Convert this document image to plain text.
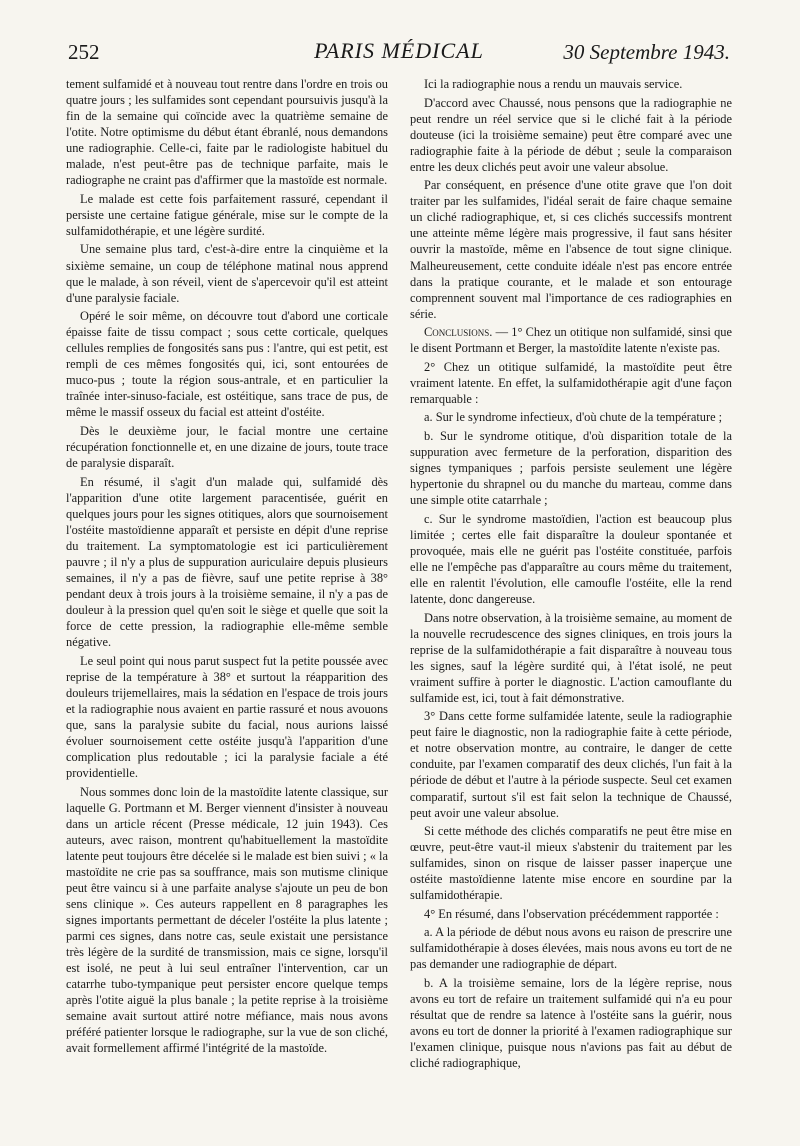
252	PARIS MÉDICAL	30 Septembre 1943.

tement sulfamidé et à nouveau tout rentre dans l'ordre en trois ou quatre jours ; les sulfamides sont cependant poursuivis jusqu'à la fin de la semaine qui coïncide avec la quatrième semaine de l'otite. Notre optimisme du début étant ébranlé, nous demandons une radiographie. Celle-ci, faite par le radiologiste habituel du malade, n'est peut-être pas de technique parfaite, mais le radiographe ne craint pas d'affirmer que la mastoïde est normale.

Le malade est cette fois parfaitement rassuré, cependant il persiste une certaine fatigue générale, mise sur le compte de la sulfamidothérapie, et une légère surdité.

Une semaine plus tard, c'est-à-dire entre la cinquième et la sixième semaine, un coup de téléphone matinal nous apprend que le malade, à son réveil, vient de s'apercevoir qu'il est atteint d'une paralysie faciale.

Opéré le soir même, on découvre tout d'abord une corticale épaisse faite de tissu compact ; sous cette corticale, quelques cellules remplies de fongosités sans pus : l'antre, qui est petit, est rempli de ces mêmes fongosités qui, ici, sont entourées de muco-pus ; toute la région sous-antrale, et en particulier la traînée inter-sinuso-faciale, est ostéitique, sans trace de pus, de même le massif osseux du facial est atteint d'ostéite.

Dès le deuxième jour, le facial montre une certaine récupération fonctionnelle et, en une dizaine de jours, toute trace de paralysie disparaît.

En résumé, il s'agit d'un malade qui, sulfamidé dès l'apparition d'une otite largement paracentisée, guérit en quelques jours pour les signes otitiques, alors que sournoisement l'ostéite mastoïdienne apparaît et persiste en dépit d'une reprise du traitement. La symptomatologie est ici particulièrement pauvre ; il n'y a plus de suppuration auriculaire depuis plusieurs semaines, il n'y a pas de fièvre, sauf une petite reprise à 38° pendant deux à trois jours à la troisième semaine, il n'y a pas de douleur à la pression quel qu'en soit le siège et quelle que soit la force de cette pression, la radiographie elle-même semble négative.

Le seul point qui nous parut suspect fut la petite poussée avec reprise de la température à 38° et surtout la réapparition des douleurs trijemellaires, mais la sédation en l'espace de trois jours et la radiographie nous avaient en partie rassuré et nous avouons que, sans la paralysie subite du facial, nous aurions laissé évoluer sournoisement cette ostéite jusqu'à l'apparition d'une complication plus redoutable ; ici la paralysie faciale a été providentielle.

Nous sommes donc loin de la mastoïdite latente classique, sur laquelle G. Portmann et M. Berger viennent d'insister à nouveau dans un article récent (Presse médicale, 12 juin 1943). Ces auteurs, avec raison, montrent qu'habituellement la mastoïdite latente peut toujours être décelée si le malade est bien suivi ; « la mastoïdite ne crie pas sa souffrance, mais son mutisme clinique peut être vaincu si à une parfaite analyse s'ajoute un peu de bon sens clinique ». Ces auteurs rappellent en 8 paragraphes les signes importants permettant de déceler l'ostéite la plus latente ; parmi ces signes, dans notre cas, seule existait une persistance très légère de la surdité de transmission, mais ce signe, lorsqu'il est isolé, ne peut à lui seul entraîner l'intervention, car un catarrhe tubo-tympanique peut persister encore quelque temps après l'otite aiguë la plus banale ; la petite reprise à la troisième semaine avait surtout attiré notre méfiance, mais nous avons préféré patienter lorsque le radiographe, sur la vue de son cliché, avait formellement affirmé l'intégrité de la mastoïde.

Ici la radiographie nous a rendu un mauvais service.

D'accord avec Chaussé, nous pensons que la radiographie ne peut rendre un réel service que si le cliché fait à la période douteuse (ici la troisième semaine) peut être comparé avec une radiographie faite à la période de début ; seule la comparaison entre les deux clichés peut avoir une valeur absolue.

Par conséquent, en présence d'une otite grave que l'on doit traiter par les sulfamides, l'idéal serait de faire chaque semaine un cliché radiographique, et, si ces clichés successifs montrent une atteinte même légère mais progressive, il faut sans hésiter ouvrir la mastoïde, même en l'absence de tout signe clinique. Malheureusement, cette conduite idéale n'est pas encore entrée dans la pratique courante, et le malade et son entourage comprennent souvent mal l'importance de ces radiographies en série.

Conclusions. — 1° Chez un otitique non sulfamidé, sinsi que le disent Portmann et Berger, la mastoïdite latente n'existe pas.

2° Chez un otitique sulfamidé, la mastoïdite peut être vraiment latente. En effet, la sulfamidothérapie agit d'une façon remarquable :

a. Sur le syndrome infectieux, d'où chute de la température ;

b. Sur le syndrome otitique, d'où disparition totale de la suppuration avec fermeture de la perforation, disparition des signes tympaniques ; parfois persiste seulement une légère hypertonie du shrapnel ou du manche du marteau, comme dans une simple otite catarrhale ;

c. Sur le syndrome mastoïdien, l'action est beaucoup plus limitée ; certes elle fait disparaître la douleur spontanée et provoquée, mais elle ne guérit pas l'ostéite constituée, parfois elle ne l'empêche pas d'apparaître au cours même du traitement, elle en ralentit l'évolution, elle camoufle l'ostéite, elle la rend latente, donc dangereuse.

Dans notre observation, à la troisième semaine, au moment de la nouvelle recrudescence des signes cliniques, en trois jours la reprise de la sulfamidothérapie a fait disparaître à nouveau tous les signes, sauf la légère surdité qui, à l'état isolé, ne peut vraiment suffire à porter le diagnostic. L'action camouflante du sulfamide est, ici, tout à fait démonstrative.

3° Dans cette forme sulfamidée latente, seule la radiographie peut faire le diagnostic, non la radiographie faite à cette période, et notre observation montre, au contraire, le danger de cette conduite, par l'examen comparatif des deux clichés, l'un fait à la période de début et l'autre à la période suspecte. Seul cet examen comparatif, surtout s'il est fait selon la technique de Chaussé, peut avoir une valeur absolue.

Si cette méthode des clichés comparatifs ne peut être mise en œuvre, peut-être vaut-il mieux s'abstenir du traitement par les sulfamides, sinon on risque de laisser passer inaperçue une ostéite mastoïdienne latente mise encore en sourdine par la sulfamidothérapie.

4° En résumé, dans l'observation précédemment rapportée :

a. A la période de début nous avons eu raison de prescrire une sulfamidothérapie à doses élevées, mais nous avons eu tort de ne pas demander une radiographie de départ.

b. A la troisième semaine, lors de la légère reprise, nous avons eu tort de refaire un traitement sulfamidé qui n'a eu pour résultat que de rendre sa latence à l'ostéite sans la guérir, nous avons eu tort de donner la priorité à l'examen radiographique sur l'examen clinique, puisque nous n'avions pas fait au début de cliché radiographique,
